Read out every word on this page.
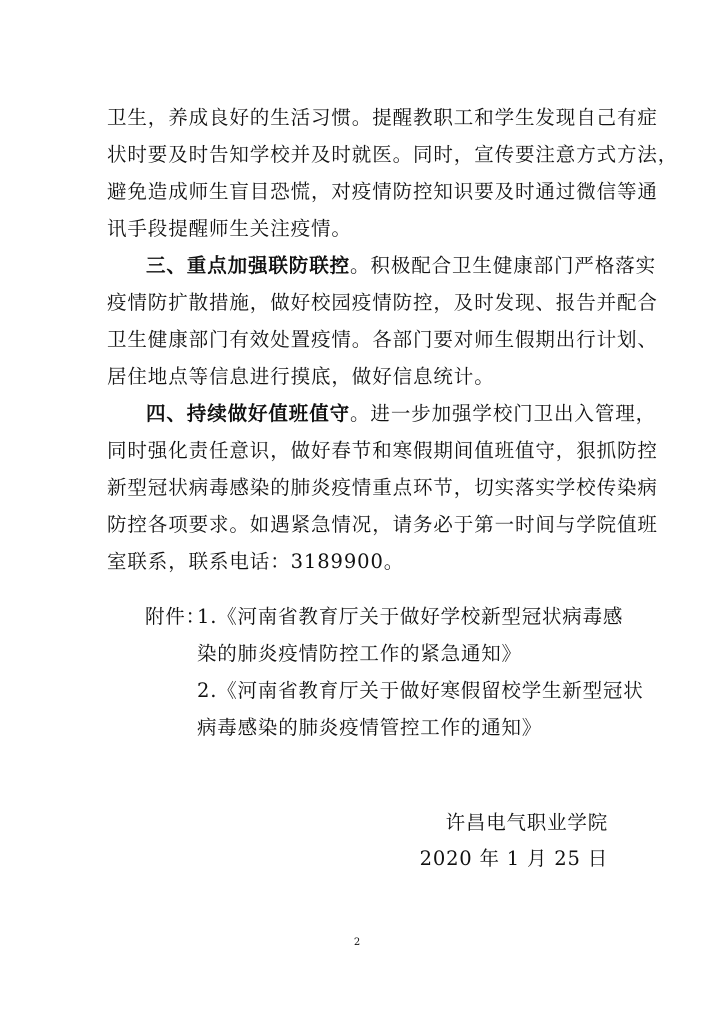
卫生，养成良好的生活习惯。提醒教职工和学生发现自己有症
状时要及时告知学校并及时就医。同时，宣传要注意方式方法，
避免造成师生盲目恐慌，对疫情防控知识要及时通过微信等通
讯手段提醒师生关注疫情。
三、重点加强联防联控。积极配合卫生健康部门严格落实
疫情防扩散措施，做好校园疫情防控，及时发现、报告并配合
卫生健康部门有效处置疫情。各部门要对师生假期出行计划、
居住地点等信息进行摸底，做好信息统计。
四、持续做好值班值守。进一步加强学校门卫出入管理，
同时强化责任意识，做好春节和寒假期间值班值守，狠抓防控
新型冠状病毒感染的肺炎疫情重点环节，切实落实学校传染病
防控各项要求。如遇紧急情况，请务必于第一时间与学院值班
室联系，联系电话：3189900。
附件：
1.《河南省教育厅关于做好学校新型冠状病毒感
染的肺炎疫情防控工作的紧急通知》
2.《河南省教育厅关于做好寒假留校学生新型冠状
病毒感染的肺炎疫情管控工作的通知》
许昌电气职业学院
2020 年 1 月 25 日
2
